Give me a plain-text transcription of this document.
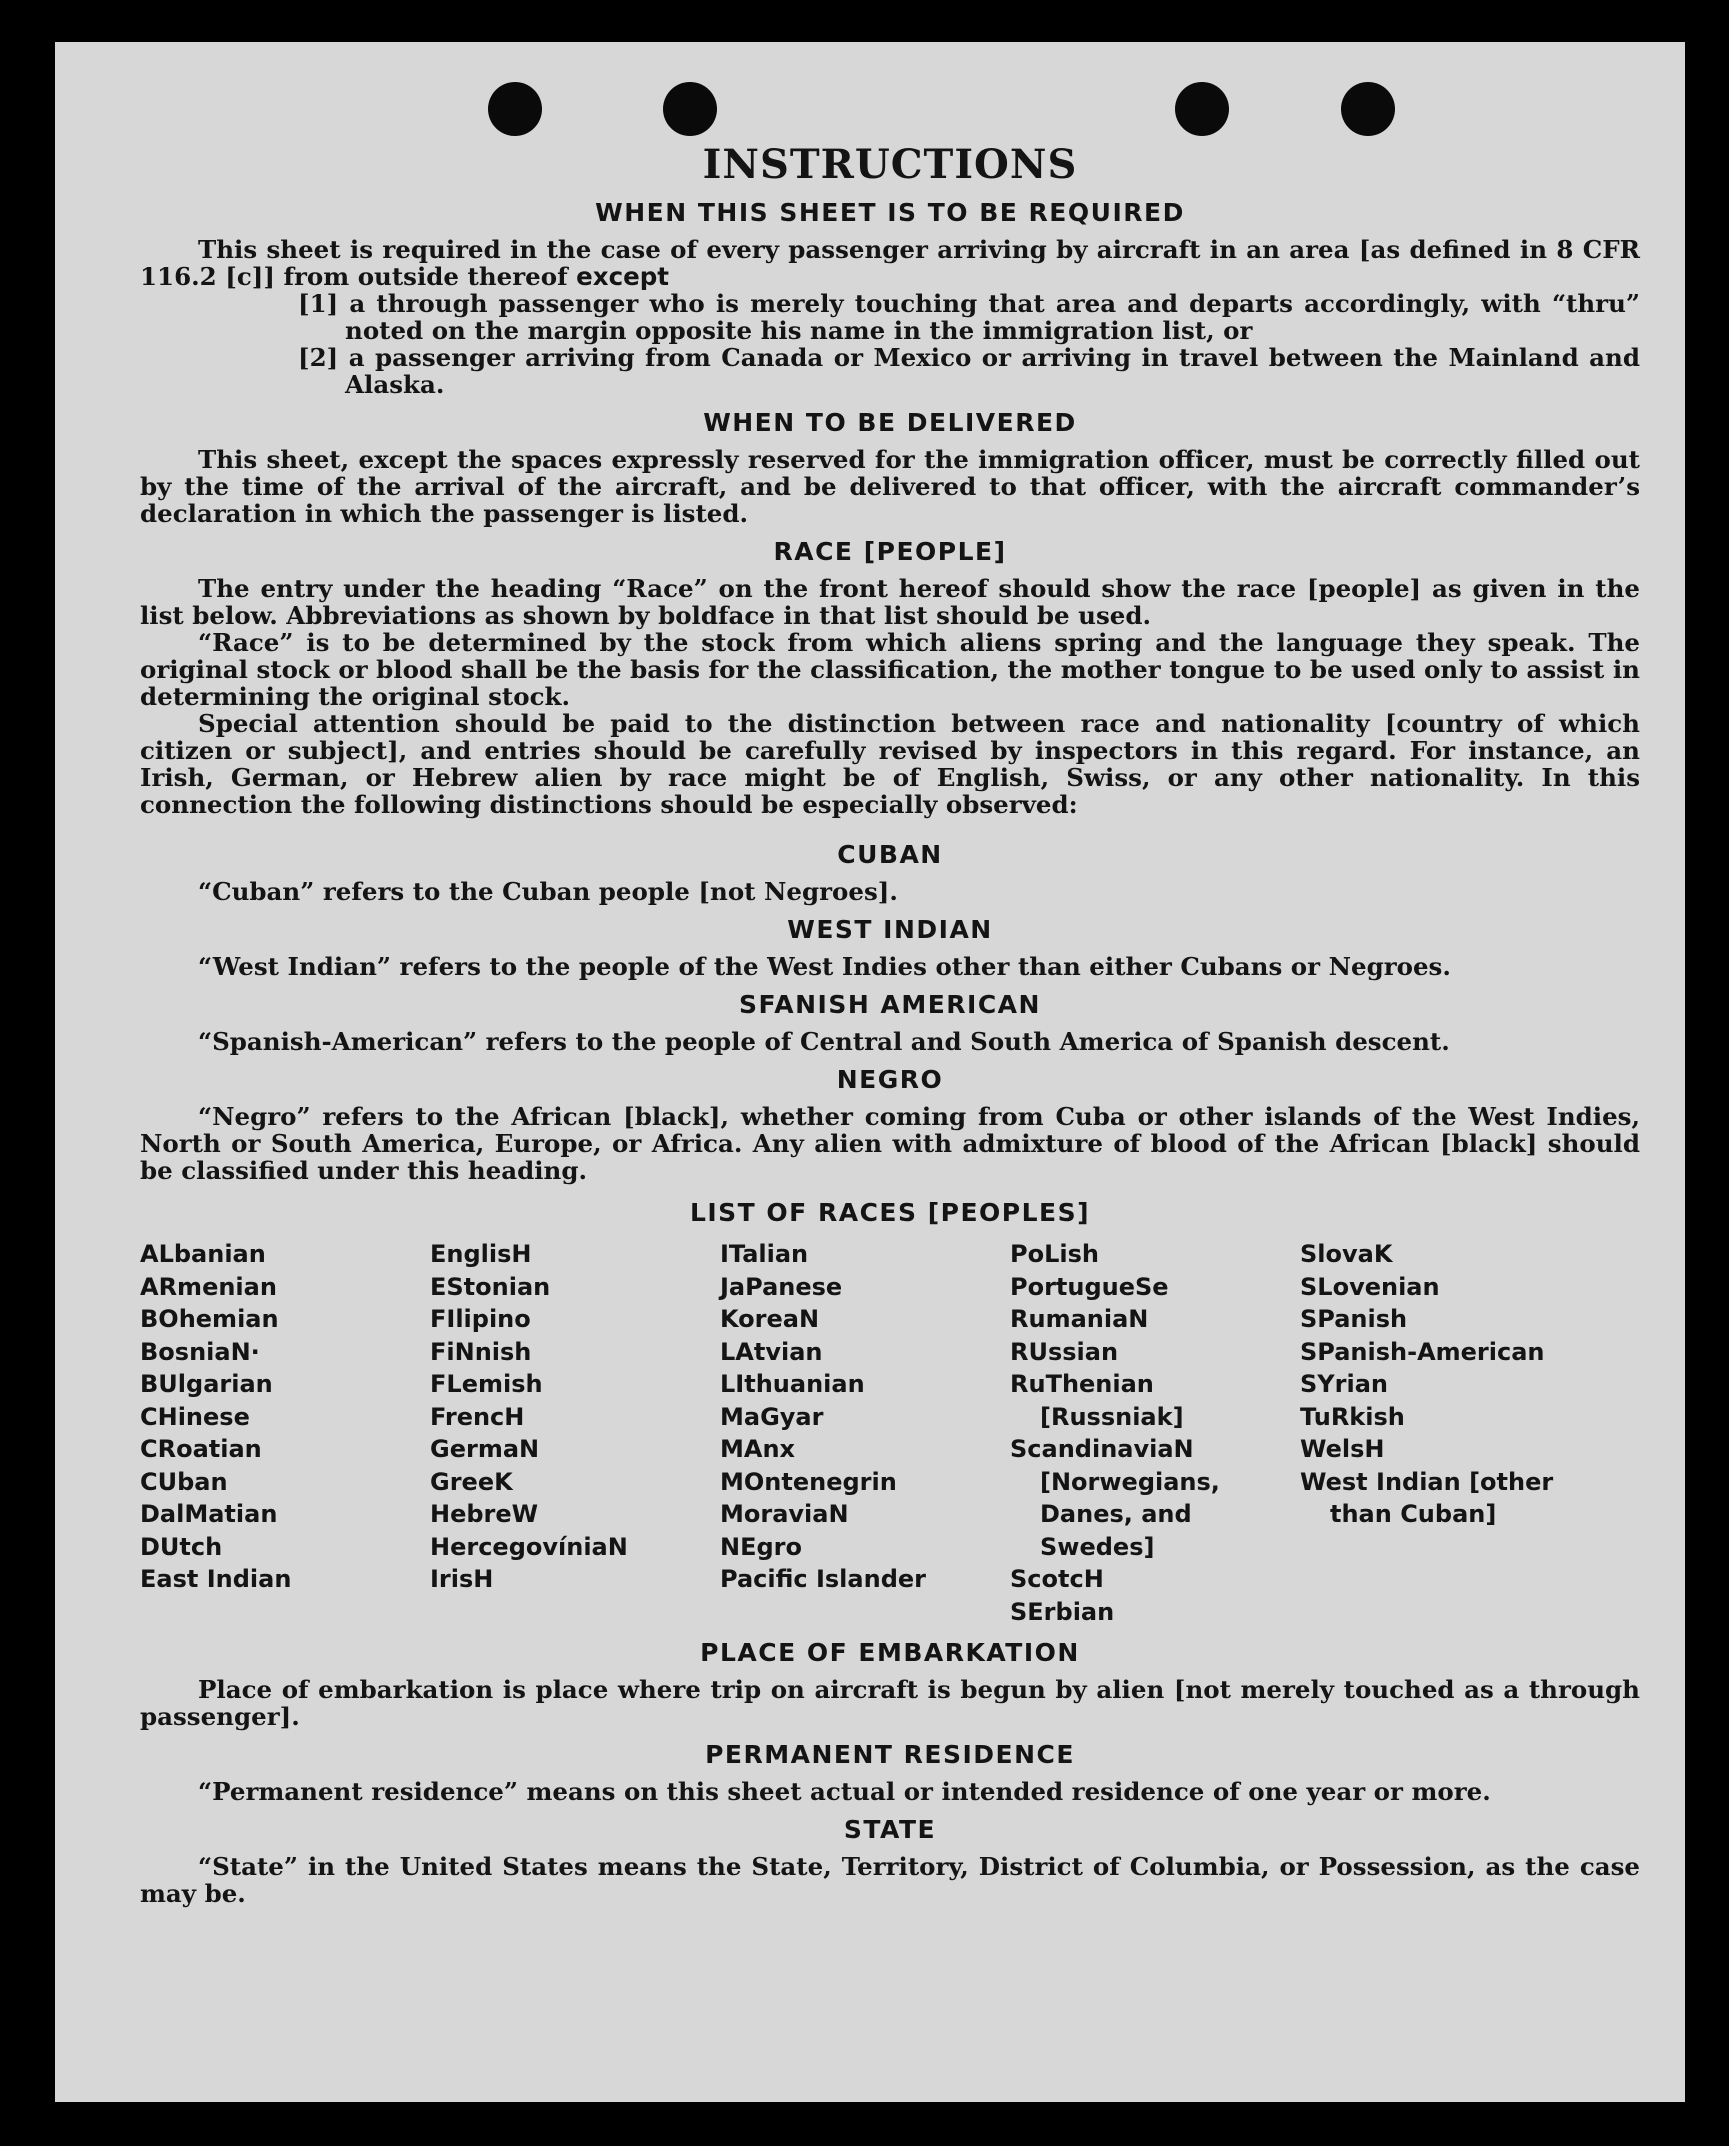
INSTRUCTIONS
WHEN THIS SHEET IS TO BE REQUIRED

This sheet is required in the case of every passenger arriving by aircraft in an area [as defined in 8 CFR 116.2 [c]] from outside thereof except

[1] a through passenger who is merely touching that area and departs accordingly, with “thru” noted on the margin opposite his name in the immigration list, or

[2] a passenger arriving from Canada or Mexico or arriving in travel between the Mainland and Alaska.

WHEN TO BE DELIVERED

This sheet, except the spaces expressly reserved for the immigration officer, must be correctly filled out by the time of the arrival of the aircraft, and be delivered to that officer, with the aircraft commander’s declaration in which the passenger is listed.

RACE [PEOPLE]

The entry under the heading “Race” on the front hereof should show the race [people] as given in the list below. Abbreviations as shown by boldface in that list should be used.

“Race” is to be determined by the stock from which aliens spring and the language they speak. The original stock or blood shall be the basis for the classification, the mother tongue to be used only to assist in determining the original stock.

Special attention should be paid to the distinction between race and nationality [country of which citizen or subject], and entries should be carefully revised by inspectors in this regard. For instance, an Irish, German, or Hebrew alien by race might be of English, Swiss, or any other nationality. In this connection the following distinctions should be especially observed:

CUBAN

“Cuban” refers to the Cuban people [not Negroes].

WEST INDIAN

“West Indian” refers to the people of the West Indies other than either Cubans or Negroes.

SFANISH AMERICAN

“Spanish-American” refers to the people of Central and South America of Spanish descent.

NEGRO

“Negro” refers to the African [black], whether coming from Cuba or other islands of the West Indies, North or South America, Europe, or Africa. Any alien with admixture of blood of the African [black] should be classified under this heading.

LIST OF RACES [PEOPLES]
ALbanian
ARmenian
BOhemian
BosniaN·
BUlgarian
CHinese
CRoatian
CUban
DalMatian
DUtch
East Indian
EnglisH
EStonian
FIlipino
FiNnish
FLemish
FrencH
GermaN
GreeK
HebreW
HercegovíniaN
IrisH
ITalian
JaPanese
KoreaN
LAtvian
LIthuanian
MaGyar
MAnx
MOntenegrin
MoraviaN
NEgro
Pacific Islander
PoLish
PortugueSe
RumaniaN
RUssian
RuThenian [Russniak]
ScandinaviaN [Norwegians, Danes, and Swedes]
ScotcH
SErbian
SlovaK
SLovenian
SPanish
SPanish-American
SYrian
TuRkish
WelsH
West Indian [other than Cuban]
PLACE OF EMBARKATION

Place of embarkation is place where trip on aircraft is begun by alien [not merely touched as a through passenger].

PERMANENT RESIDENCE

“Permanent residence” means on this sheet actual or intended residence of one year or more.

STATE

“State” in the United States means the State, Territory, District of Columbia, or Possession, as the case may be.
